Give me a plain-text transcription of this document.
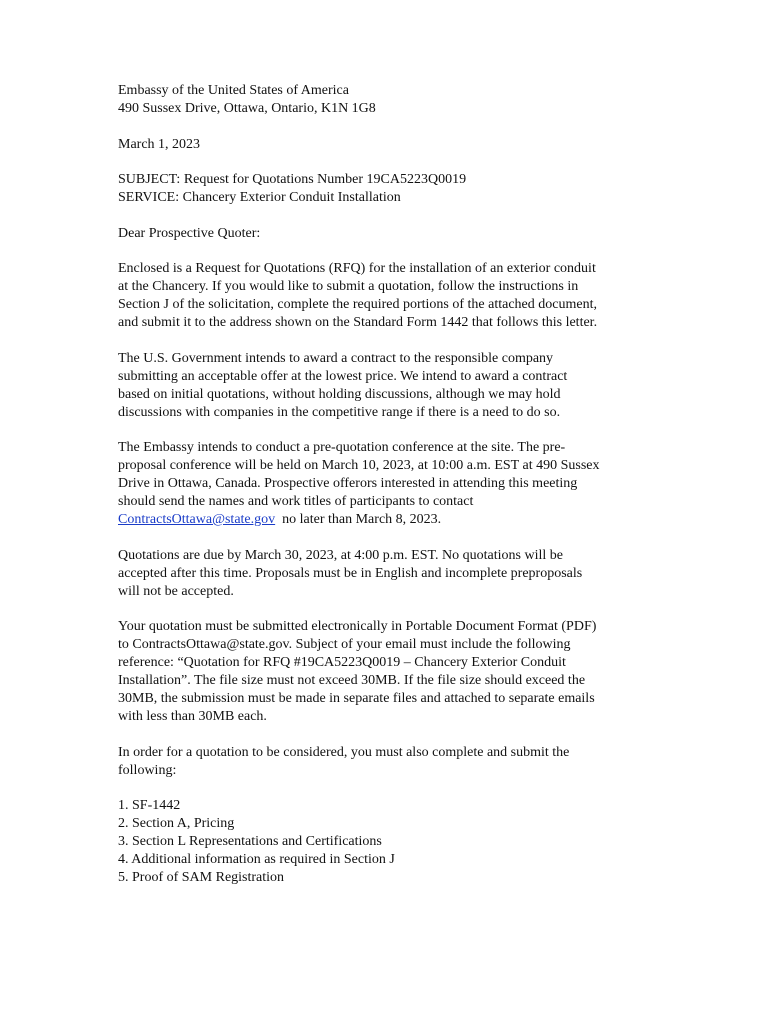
Embassy of the United States of America
490 Sussex Drive, Ottawa, Ontario, K1N 1G8
March 1, 2023
SUBJECT: Request for Quotations Number 19CA5223Q0019
SERVICE: Chancery Exterior Conduit Installation
Dear Prospective Quoter:
Enclosed is a Request for Quotations (RFQ) for the installation of an exterior conduit
at the Chancery. If you would like to submit a quotation, follow the instructions in
Section J of the solicitation, complete the required portions of the attached document,
and submit it to the address shown on the Standard Form 1442 that follows this letter.
The U.S. Government intends to award a contract to the responsible company
submitting an acceptable offer at the lowest price. We intend to award a contract
based on initial quotations, without holding discussions, although we may hold
discussions with companies in the competitive range if there is a need to do so.
The Embassy intends to conduct a pre-quotation conference at the site. The pre-
proposal conference will be held on March 10, 2023, at 10:00 a.m. EST at 490 Sussex
Drive in Ottawa, Canada. Prospective offerors interested in attending this meeting
should send the names and work titles of participants to contact
ContractsOttawa@state.gov  no later than March 8, 2023.
Quotations are due by March 30, 2023, at 4:00 p.m. EST. No quotations will be
accepted after this time. Proposals must be in English and incomplete preproposals
will not be accepted.
Your quotation must be submitted electronically in Portable Document Format (PDF)
to ContractsOttawa@state.gov. Subject of your email must include the following
reference: “Quotation for RFQ #19CA5223Q0019 – Chancery Exterior Conduit
Installation”. The file size must not exceed 30MB. If the file size should exceed the
30MB, the submission must be made in separate files and attached to separate emails
with less than 30MB each.
In order for a quotation to be considered, you must also complete and submit the
following:
1. SF-1442
2. Section A, Pricing
3. Section L Representations and Certifications
4. Additional information as required in Section J
5. Proof of SAM Registration
